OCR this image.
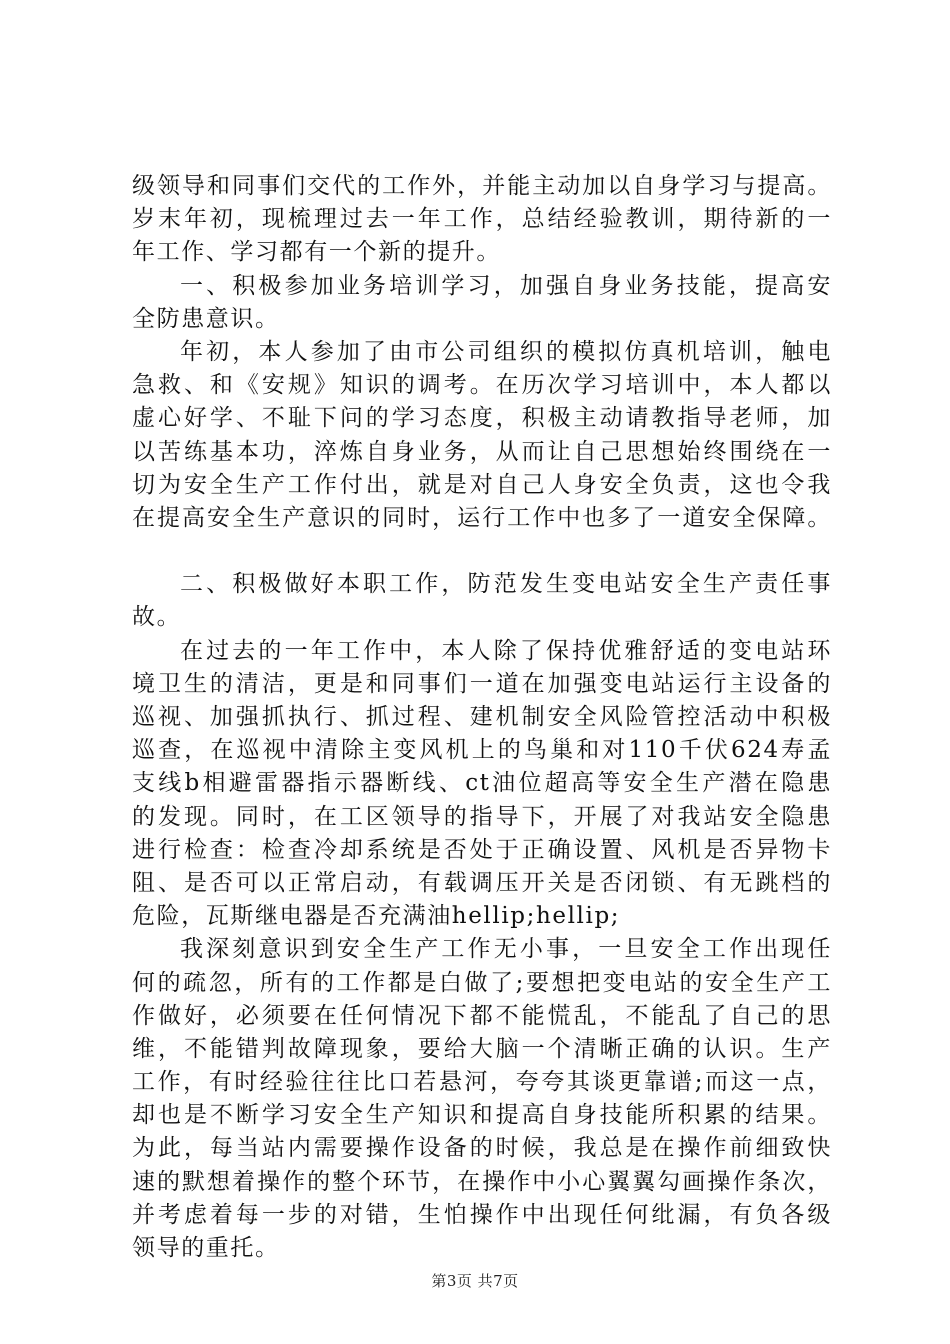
级领导和同事们交代的工作外，并能主动加以自身学习与提高。
岁末年初，现梳理过去一年工作，总结经验教训，期待新的一
年工作、学习都有一个新的提升。
一、积极参加业务培训学习，加强自身业务技能，提高安
全防患意识。
年初，本人参加了由市公司组织的模拟仿真机培训，触电
急救、和《安规》知识的调考。在历次学习培训中，本人都以
虚心好学、不耻下问的学习态度，积极主动请教指导老师，加
以苦练基本功，淬炼自身业务，从而让自己思想始终围绕在一
切为安全生产工作付出，就是对自己人身安全负责，这也令我
在提高安全生产意识的同时，运行工作中也多了一道安全保障。
二、积极做好本职工作，防范发生变电站安全生产责任事
故。
在过去的一年工作中，本人除了保持优雅舒适的变电站环
境卫生的清洁，更是和同事们一道在加强变电站运行主设备的
巡视、加强抓执行、抓过程、建机制安全风险管控活动中积极
巡查，在巡视中清除主变风机上的鸟巢和对110千伏624寿孟
支线b相避雷器指示器断线、ct油位超高等安全生产潜在隐患
的发现。同时，在工区领导的指导下，开展了对我站安全隐患
进行检查：检查冷却系统是否处于正确设置、风机是否异物卡
阻、是否可以正常启动，有载调压开关是否闭锁、有无跳档的
危险，瓦斯继电器是否充满油hellip;hellip;
我深刻意识到安全生产工作无小事，一旦安全工作出现任
何的疏忽，所有的工作都是白做了;要想把变电站的安全生产工
作做好，必须要在任何情况下都不能慌乱，不能乱了自己的思
维，不能错判故障现象，要给大脑一个清晰正确的认识。生产
工作，有时经验往往比口若悬河，夸夸其谈更靠谱;而这一点，
却也是不断学习安全生产知识和提高自身技能所积累的结果。
为此，每当站内需要操作设备的时候，我总是在操作前细致快
速的默想着操作的整个环节，在操作中小心翼翼勾画操作条次，
并考虑着每一步的对错，生怕操作中出现任何纰漏，有负各级
领导的重托。
第3页 共7页
